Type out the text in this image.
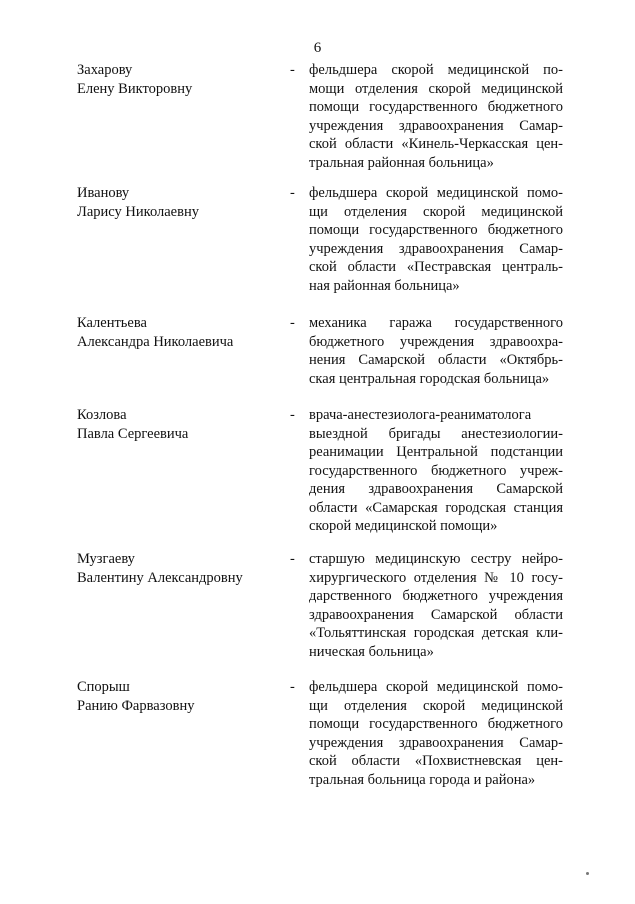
6
Захарову
Елену Викторовну
- фельдшера скорой медицинской по-
мощи отделения скорой медицинской
помощи государственного бюджетного
учреждения здравоохранения Самар-
ской области «Кинель-Черкасская цен-
тральная районная больница»
Иванову
Ларису Николаевну
- фельдшера скорой медицинской помо-
щи отделения скорой медицинской
помощи государственного бюджетного
учреждения здравоохранения Самар-
ской области «Пестравская централь-
ная районная больница»
Калентьева
Александра Николаевича
- механика гаража государственного
бюджетного учреждения здравоохра-
нения Самарской области «Октябрь-
ская центральная городская больница»
Козлова
Павла Сергеевича
- врача-анестезиолога-реаниматолога
выездной бригады анестезиологии-
реанимации Центральной подстанции
государственного бюджетного учреж-
дения здравоохранения Самарской
области «Самарская городская станция
скорой медицинской помощи»
Музгаеву
Валентину Александровну
- старшую медицинскую сестру нейро-
хирургического отделения № 10 госу-
дарственного бюджетного учреждения
здравоохранения Самарской области
«Тольяттинская городская детская кли-
ническая больница»
Спорыш
Ранию Фарвазовну
- фельдшера скорой медицинской помо-
щи отделения скорой медицинской
помощи государственного бюджетного
учреждения здравоохранения Самар-
ской области «Похвистневская цен-
тральная больница города и района»
